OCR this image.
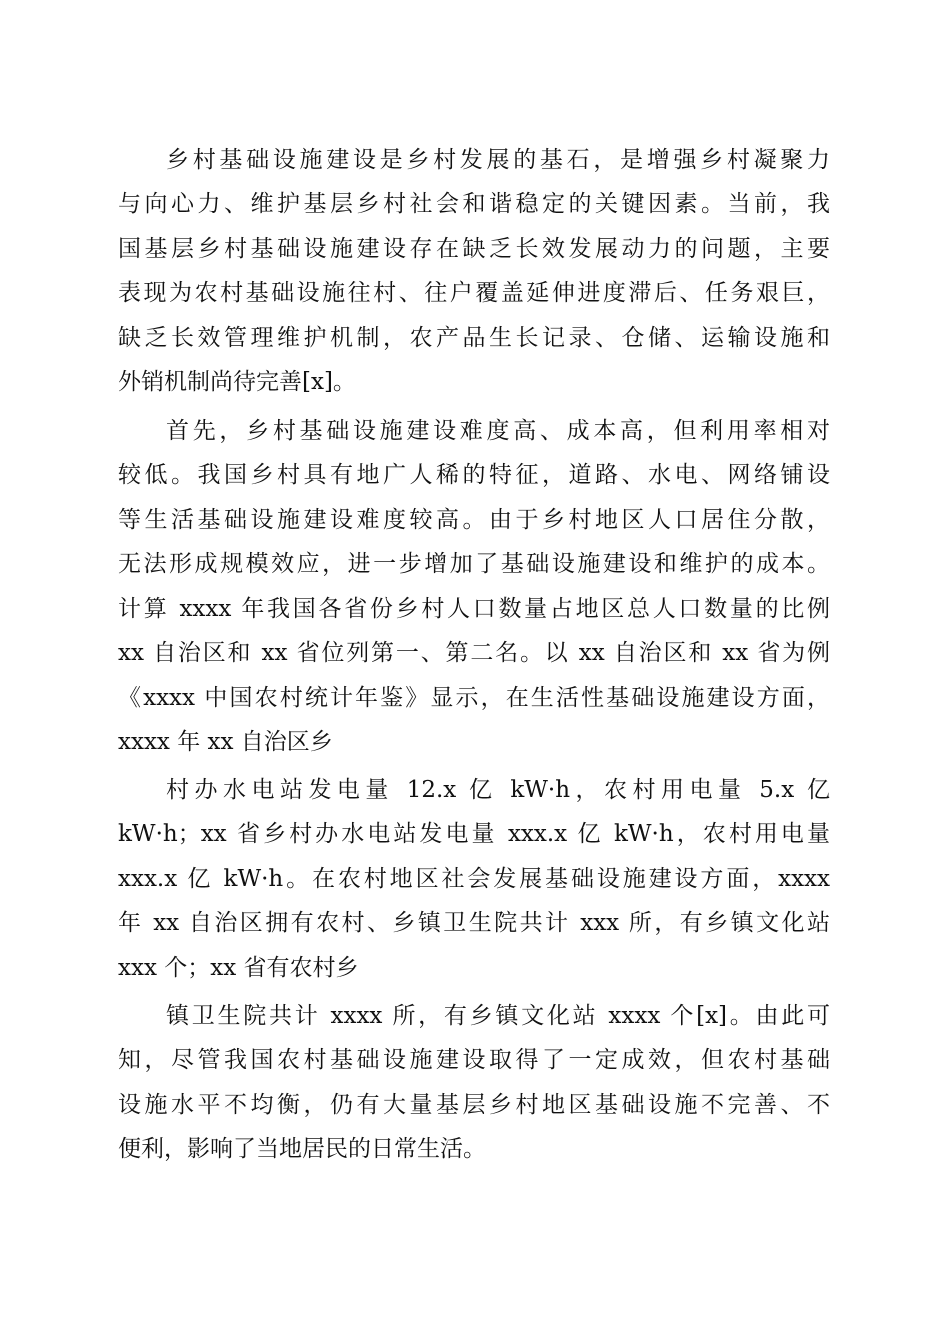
乡村基础设施建设是乡村发展的基石，是增强乡村凝聚力
与向心力、维护基层乡村社会和谐稳定的关键因素。当前，我
国基层乡村基础设施建设存在缺乏长效发展动力的问题，主要
表现为农村基础设施往村、往户覆盖延伸进度滞后、任务艰巨，
缺乏长效管理维护机制，农产品生长记录、仓储、运输设施和
外销机制尚待完善[x]。
首先，乡村基础设施建设难度高、成本高，但利用率相对
较低。我国乡村具有地广人稀的特征，道路、水电、网络铺设
等生活基础设施建设难度较高。由于乡村地区人口居住分散，
无法形成规模效应，进一步增加了基础设施建设和维护的成本。
计算 xxxx 年我国各省份乡村人口数量占地区总人口数量的比例
xx 自治区和 xx 省位列第一、第二名。以 xx 自治区和 xx 省为例
《xxxx 中国农村统计年鉴》显示，在生活性基础设施建设方面，
xxxx 年 xx 自治区乡
村办水电站发电量 12.x 亿 kW·h，农村用电量 5.x 亿
kW·h；xx 省乡村办水电站发电量 xxx.x 亿 kW·h，农村用电量
xxx.x 亿 kW·h。在农村地区社会发展基础设施建设方面，xxxx
年 xx 自治区拥有农村、乡镇卫生院共计 xxx 所，有乡镇文化站
xxx 个；xx 省有农村乡
镇卫生院共计 xxxx 所，有乡镇文化站 xxxx 个[x]。由此可
知，尽管我国农村基础设施建设取得了一定成效，但农村基础
设施水平不均衡，仍有大量基层乡村地区基础设施不完善、不
便利，影响了当地居民的日常生活。
